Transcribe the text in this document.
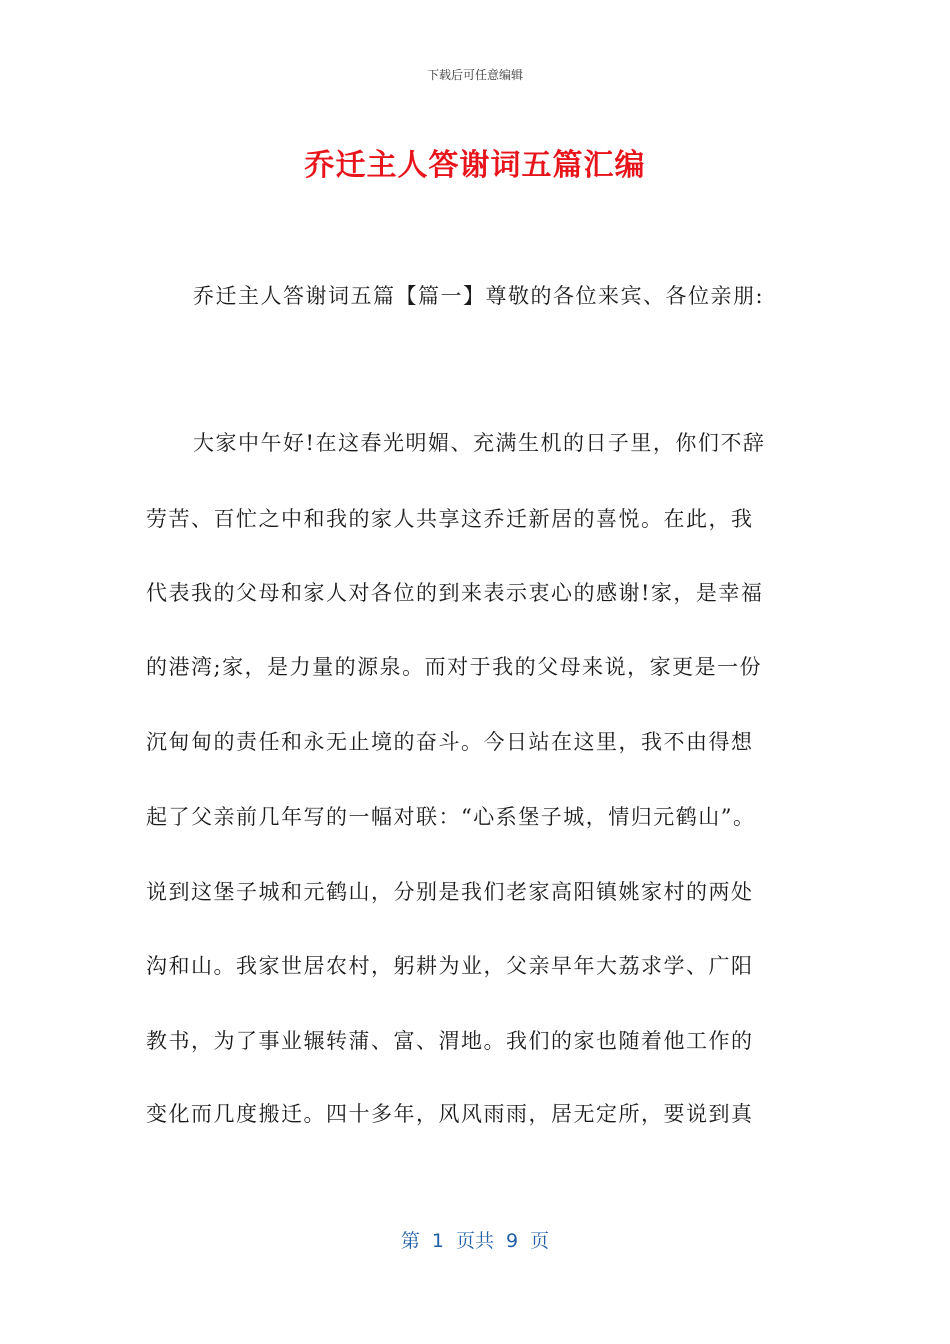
下载后可任意编辑
乔迁主人答谢词五篇汇编
乔迁主人答谢词五篇【篇一】尊敬的各位来宾、各位亲朋:
大家中午好!在这春光明媚、充满生机的日子里，你们不辞
劳苦、百忙之中和我的家人共享这乔迁新居的喜悦。在此，我
代表我的父母和家人对各位的到来表示衷心的感谢!家，是幸福
的港湾;家，是力量的源泉。而对于我的父母来说，家更是一份
沉甸甸的责任和永无止境的奋斗。今日站在这里，我不由得想
起了父亲前几年写的一幅对联：“心系堡子城，情归元鹤山”。
说到这堡子城和元鹤山，分别是我们老家高阳镇姚家村的两处
沟和山。我家世居农村，躬耕为业，父亲早年大荔求学、广阳
教书，为了事业辗转蒲、富、渭地。我们的家也随着他工作的
变化而几度搬迁。四十多年，风风雨雨，居无定所，要说到真
第 1 页共 9 页
